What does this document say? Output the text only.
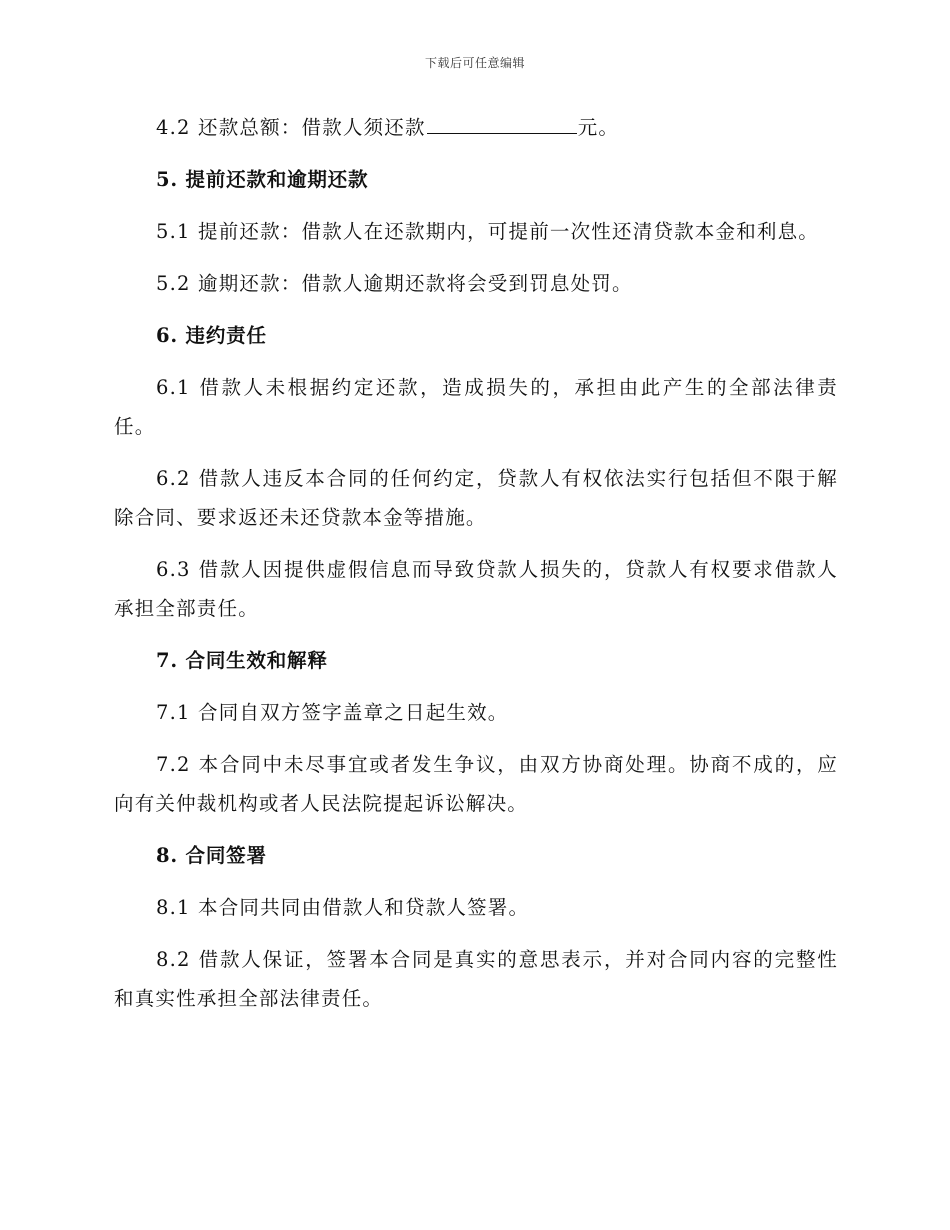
下载后可任意编辑

4.2 还款总额：借款人须还款	元。

5. 提前还款和逾期还款

5.1 提前还款：借款人在还款期内，可提前一次性还清贷款本金和利息。

5.2 逾期还款：借款人逾期还款将会受到罚息处罚。

6. 违约责任

6.1 借款人未根据约定还款，造成损失的，承担由此产生的全部法律责任。

6.2 借款人违反本合同的任何约定，贷款人有权依法实行包括但不限于解除合同、要求返还未还贷款本金等措施。

6.3 借款人因提供虚假信息而导致贷款人损失的，贷款人有权要求借款人承担全部责任。

7. 合同生效和解释

7.1 合同自双方签字盖章之日起生效。

7.2 本合同中未尽事宜或者发生争议，由双方协商处理。协商不成的，应向有关仲裁机构或者人民法院提起诉讼解决。

8. 合同签署

8.1 本合同共同由借款人和贷款人签署。

8.2 借款人保证，签署本合同是真实的意思表示，并对合同内容的完整性和真实性承担全部法律责任。
